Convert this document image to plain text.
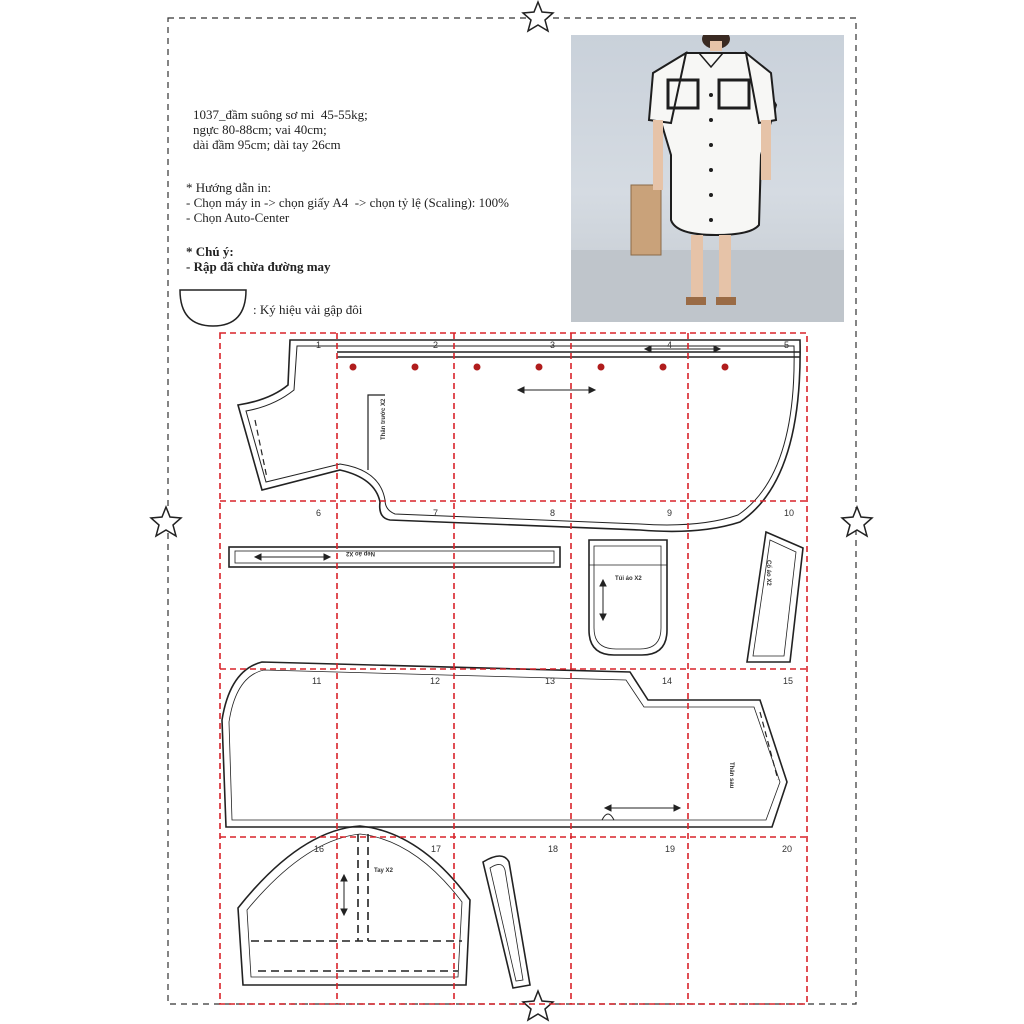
1037_đầm suông sơ mi  45-55kg;
ngực 80-88cm; vai 40cm;
dài đầm 95cm; dài tay 26cm
* Hướng dẫn in:
- Chọn máy in -> chọn giấy A4  -> chọn tỷ lệ (Scaling): 100%
- Chọn Auto-Center
* Chú ý:
- Rập đã chừa đường may
: Ký hiệu vải gập đôi
Thân trước X2
Túi áo X2
Tay X2
Thân sau
Cổ áo X2
Nẹp áo X2
1	2	3	4	5
6	7	8	9	10
11	12	13	14	15
16	17	18	19	20
